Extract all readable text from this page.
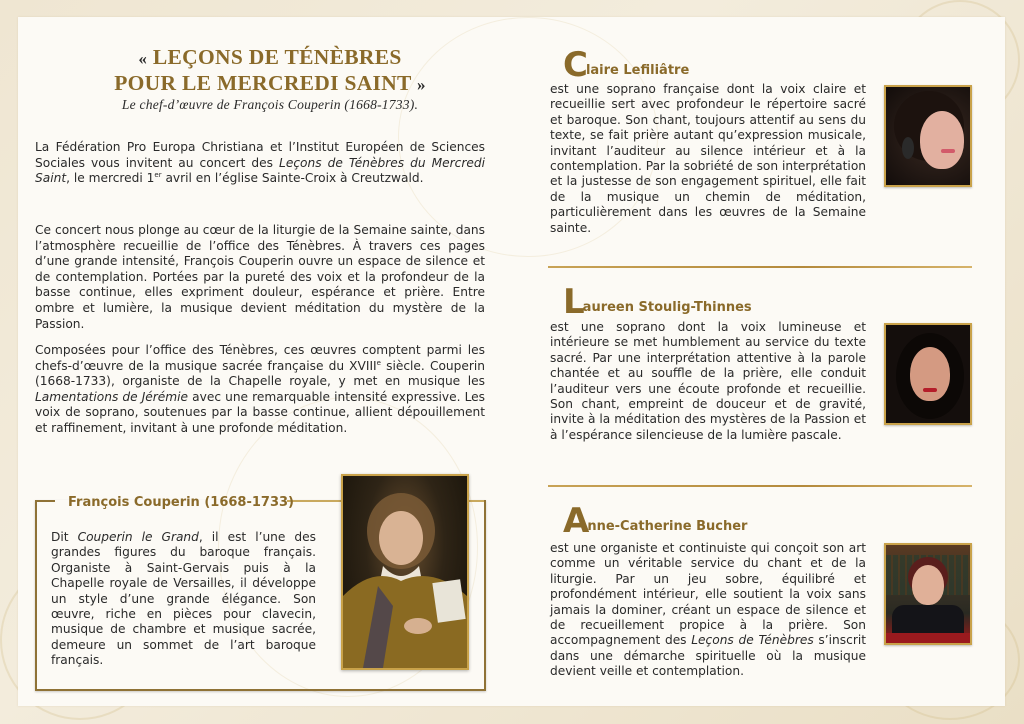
« LEÇONS DE TÉNÈBRES
POUR LE MERCREDI SAINT »
Le chef-d’œuvre de François Couperin (1668-1733).
La Fédération Pro Europa Christiana et l’Institut Européen de Sciences Sociales vous invitent au concert des Leçons de Ténèbres du Mercredi Saint, le mercredi 1er avril en l’église Sainte-Croix à Creutzwald.
Ce concert nous plonge au cœur de la liturgie de la Semaine sainte, dans l’atmosphère recueillie de l’office des Ténèbres. À travers ces pages d’une grande intensité, François Couperin ouvre un espace de silence et de contemplation. Portées par la pureté des voix et la profondeur de la basse continue, elles expriment douleur, espérance et prière. Entre ombre et lumière, la musique devient méditation du mystère de la Passion.
Composées pour l’office des Ténèbres, ces œuvres comptent parmi les chefs-d’œuvre de la musique sacrée française du XVIIIe siècle. Couperin (1668-1733), organiste de la Chapelle royale, y met en musique les Lamentations de Jérémie avec une remarquable intensité expressive. Les voix de soprano, soutenues par la basse continue, allient dépouillement et raffinement, invitant à une profonde méditation.
François Couperin (1668-1733)
Dit Couperin le Grand, il est l’une des grandes figures du baroque français. Organiste à Saint-Gervais puis à la Chapelle royale de Versailles, il développe un style d’une grande élégance. Son œuvre, riche en pièces pour clavecin, musique de chambre et musique sacrée, demeure un sommet de l’art baroque français.
Claire Lefiliâtre
est une soprano française dont la voix claire et recueillie sert avec profondeur le répertoire sacré et baroque. Son chant, toujours attentif au sens du texte, se fait prière autant qu’expression musicale, invitant l’auditeur au silence intérieur et à la contemplation. Par la sobriété de son interprétation et la justesse de son engagement spirituel, elle fait de la musique un chemin de méditation, particulièrement dans les œuvres de la Semaine sainte.
Laureen Stoulig-Thinnes
est une soprano dont la voix lumineuse et intérieure se met humblement au service du texte sacré. Par une interprétation attentive à la parole chantée et au souffle de la prière, elle conduit l’auditeur vers une écoute profonde et recueillie. Son chant, empreint de douceur et de gravité, invite à la méditation des mystères de la Passion et à l’espérance silencieuse de la lumière pascale.
Anne-Catherine Bucher
est une organiste et continuiste qui conçoit son art comme un véritable service du chant et de la liturgie. Par un jeu sobre, équilibré et profondément intérieur, elle soutient la voix sans jamais la dominer, créant un espace de silence et de recueillement propice à la prière. Son accompagnement des Leçons de Ténèbres s’inscrit dans une démarche spirituelle où la musique devient veille et contemplation.
